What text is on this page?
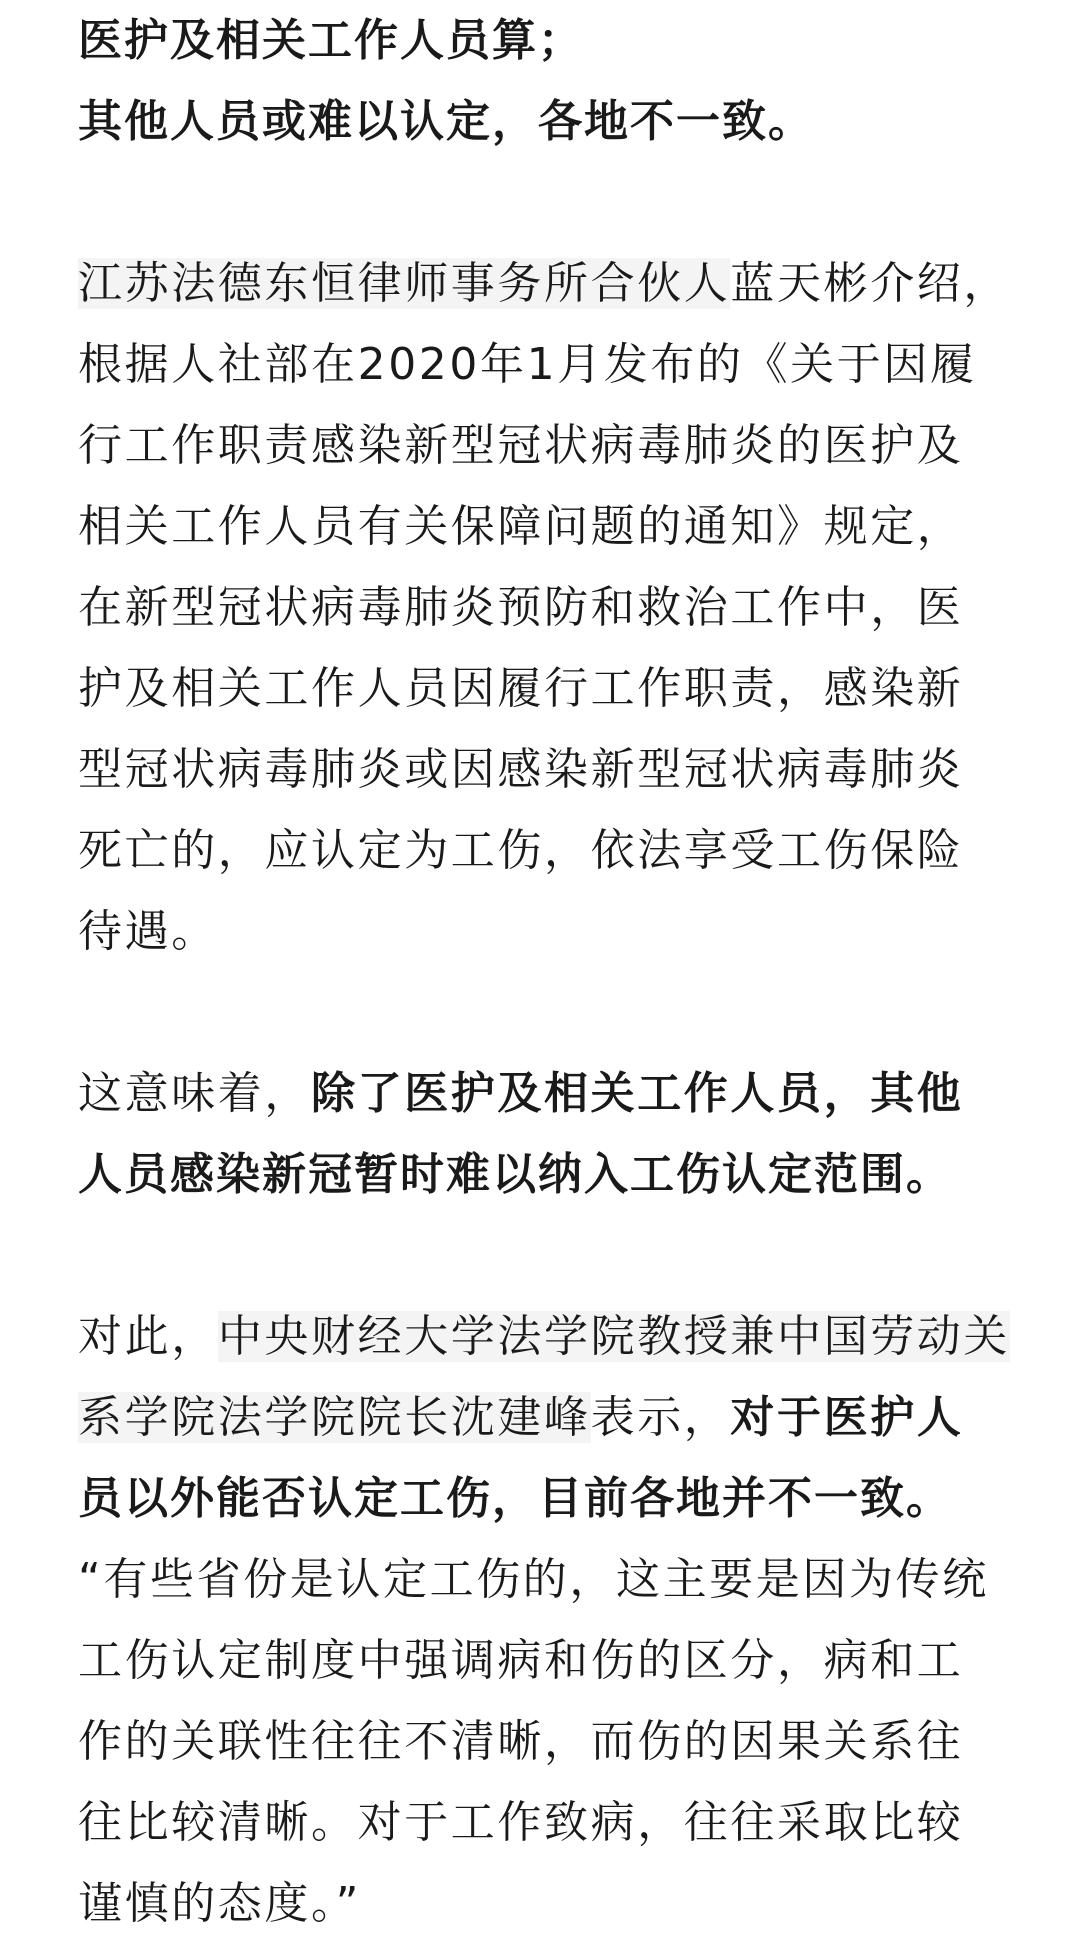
医护及相关工作人员算；
其他人员或难以认定，各地不一致。
江苏法德东恒律师事务所合伙人蓝天彬介绍，
根据人社部在2020年1月发布的《关于因履
行工作职责感染新型冠状病毒肺炎的医护及
相关工作人员有关保障问题的通知》规定，
在新型冠状病毒肺炎预防和救治工作中，医
护及相关工作人员因履行工作职责，感染新
型冠状病毒肺炎或因感染新型冠状病毒肺炎
死亡的，应认定为工伤，依法享受工伤保险
待遇。
这意味着，除了医护及相关工作人员，其他
人员感染新冠暂时难以纳入工伤认定范围。
对此，中央财经大学法学院教授兼中国劳动关
系学院法学院院长沈建峰表示，对于医护人
员以外能否认定工伤，目前各地并不一致。
“有些省份是认定工伤的，这主要是因为传统
工伤认定制度中强调病和伤的区分，病和工
作的关联性往往不清晰，而伤的因果关系往
往比较清晰。对于工作致病，往往采取比较
谨慎的态度。”
